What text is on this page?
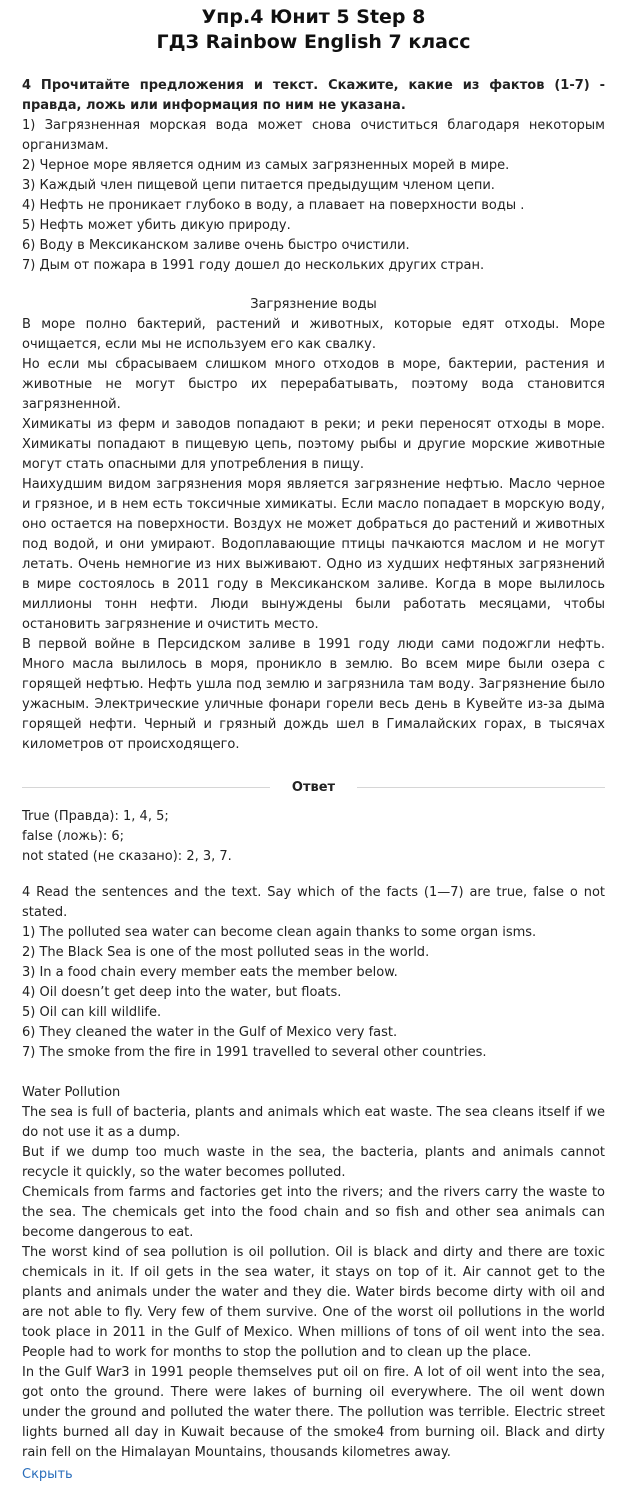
Упр.4 Юнит 5 Step 8
ГДЗ Rainbow English 7 класс

4 Прочитайте предложения и текст. Скажите, какие из фактов (1-7) - правда, ложь или информация по ним не указана.

1) Загрязненная морская вода может снова очиститься благодаря некоторым организмам.

2) Черное море является одним из самых загрязненных морей в мире.

3) Каждый член пищевой цепи питается предыдущим членом цепи.

4) Нефть не проникает глубоко в воду, а плавает на поверхности воды .

5) Нефть может убить дикую природу.

6) Воду в Мексиканском заливе очень быстро очистили.

7) Дым от пожара в 1991 году дошел до нескольких других стран.

Загрязнение воды

В море полно бактерий, растений и животных, которые едят отходы. Море очищается, если мы не используем его как свалку.

Но если мы сбрасываем слишком много отходов в море, бактерии, растения и животные не могут быстро их перерабатывать, поэтому вода становится загрязненной.

Химикаты из ферм и заводов попадают в реки; и реки переносят отходы в море. Химикаты попадают в пищевую цепь, поэтому рыбы и другие морские животные могут стать опасными для употребления в пищу.

Наихудшим видом загрязнения моря является загрязнение нефтью. Масло черное и грязное, и в нем есть токсичные химикаты. Если масло попадает в морскую воду, оно остается на поверхности. Воздух не может добраться до растений и животных под водой, и они умирают. Водоплавающие птицы пачкаются маслом и не могут летать. Очень немногие из них выживают. Одно из худших нефтяных загрязнений в мире состоялось в 2011 году в Мексиканском заливе. Когда в море вылилось миллионы тонн нефти. Люди вынуждены были работать месяцами, чтобы остановить загрязнение и очистить место.

В первой войне в Персидском заливе в 1991 году люди сами подожгли нефть. Много масла вылилось в моря, проникло в землю. Во всем мире были озера с горящей нефтью. Нефть ушла под землю и загрязнила там воду. Загрязнение было ужасным. Электрические уличные фонари горели весь день в Кувейте из-за дыма горящей нефти. Черный и грязный дождь шел в Гималайских горах, в тысячах километров от происходящего.

Ответ

True (Правда): 1, 4, 5;

false (ложь): 6;

not stated (не сказано): 2, 3, 7.

4 Read the sentences and the text. Say which of the facts (1—7) are true, false o not stated.

1) The polluted sea water can become clean again thanks to some organ isms.

2) The Black Sea is one of the most polluted seas in the world.

3) In a food chain every member eats the member below.

4) Oil doesn’t get deep into the water, but floats.

5) Oil can kill wildlife.

6) They cleaned the water in the Gulf of Mexico very fast.

7) The smoke from the fire in 1991 travelled to several other countries.

Water Pollution

The sea is full of bacteria, plants and animals which eat waste. The sea cleans itself if we do not use it as a dump.

But if we dump too much waste in the sea, the bacteria, plants and animals cannot recycle it quickly, so the water becomes polluted.

Chemicals from farms and factories get into the rivers; and the rivers carry the waste to the sea. The chemicals get into the food chain and so fish and other sea animals can become dangerous to eat.

The worst kind of sea pollution is oil pollution. Oil is black and dirty and there are toxic chemicals in it. If oil gets in the sea water, it stays on top of it. Air cannot get to the plants and animals under the water and they die. Water birds become dirty with oil and are not able to fly. Very few of them survive. One of the worst oil pollutions in the world took place in 2011 in the Gulf of Mexico. When millions of tons of oil went into the sea. People had to work for months to stop the pollution and to clean up the place.

In the Gulf War3 in 1991 people themselves put oil on fire. A lot of oil went into the sea, got onto the ground. There were lakes of burning oil everywhere. The oil went down under the ground and polluted the water there. The pollution was terrible. Electric street lights burned all day in Kuwait because of the smoke4 from burning oil. Black and dirty rain fell on the Himalayan Mountains, thousands kilometres away.

Скрыть
